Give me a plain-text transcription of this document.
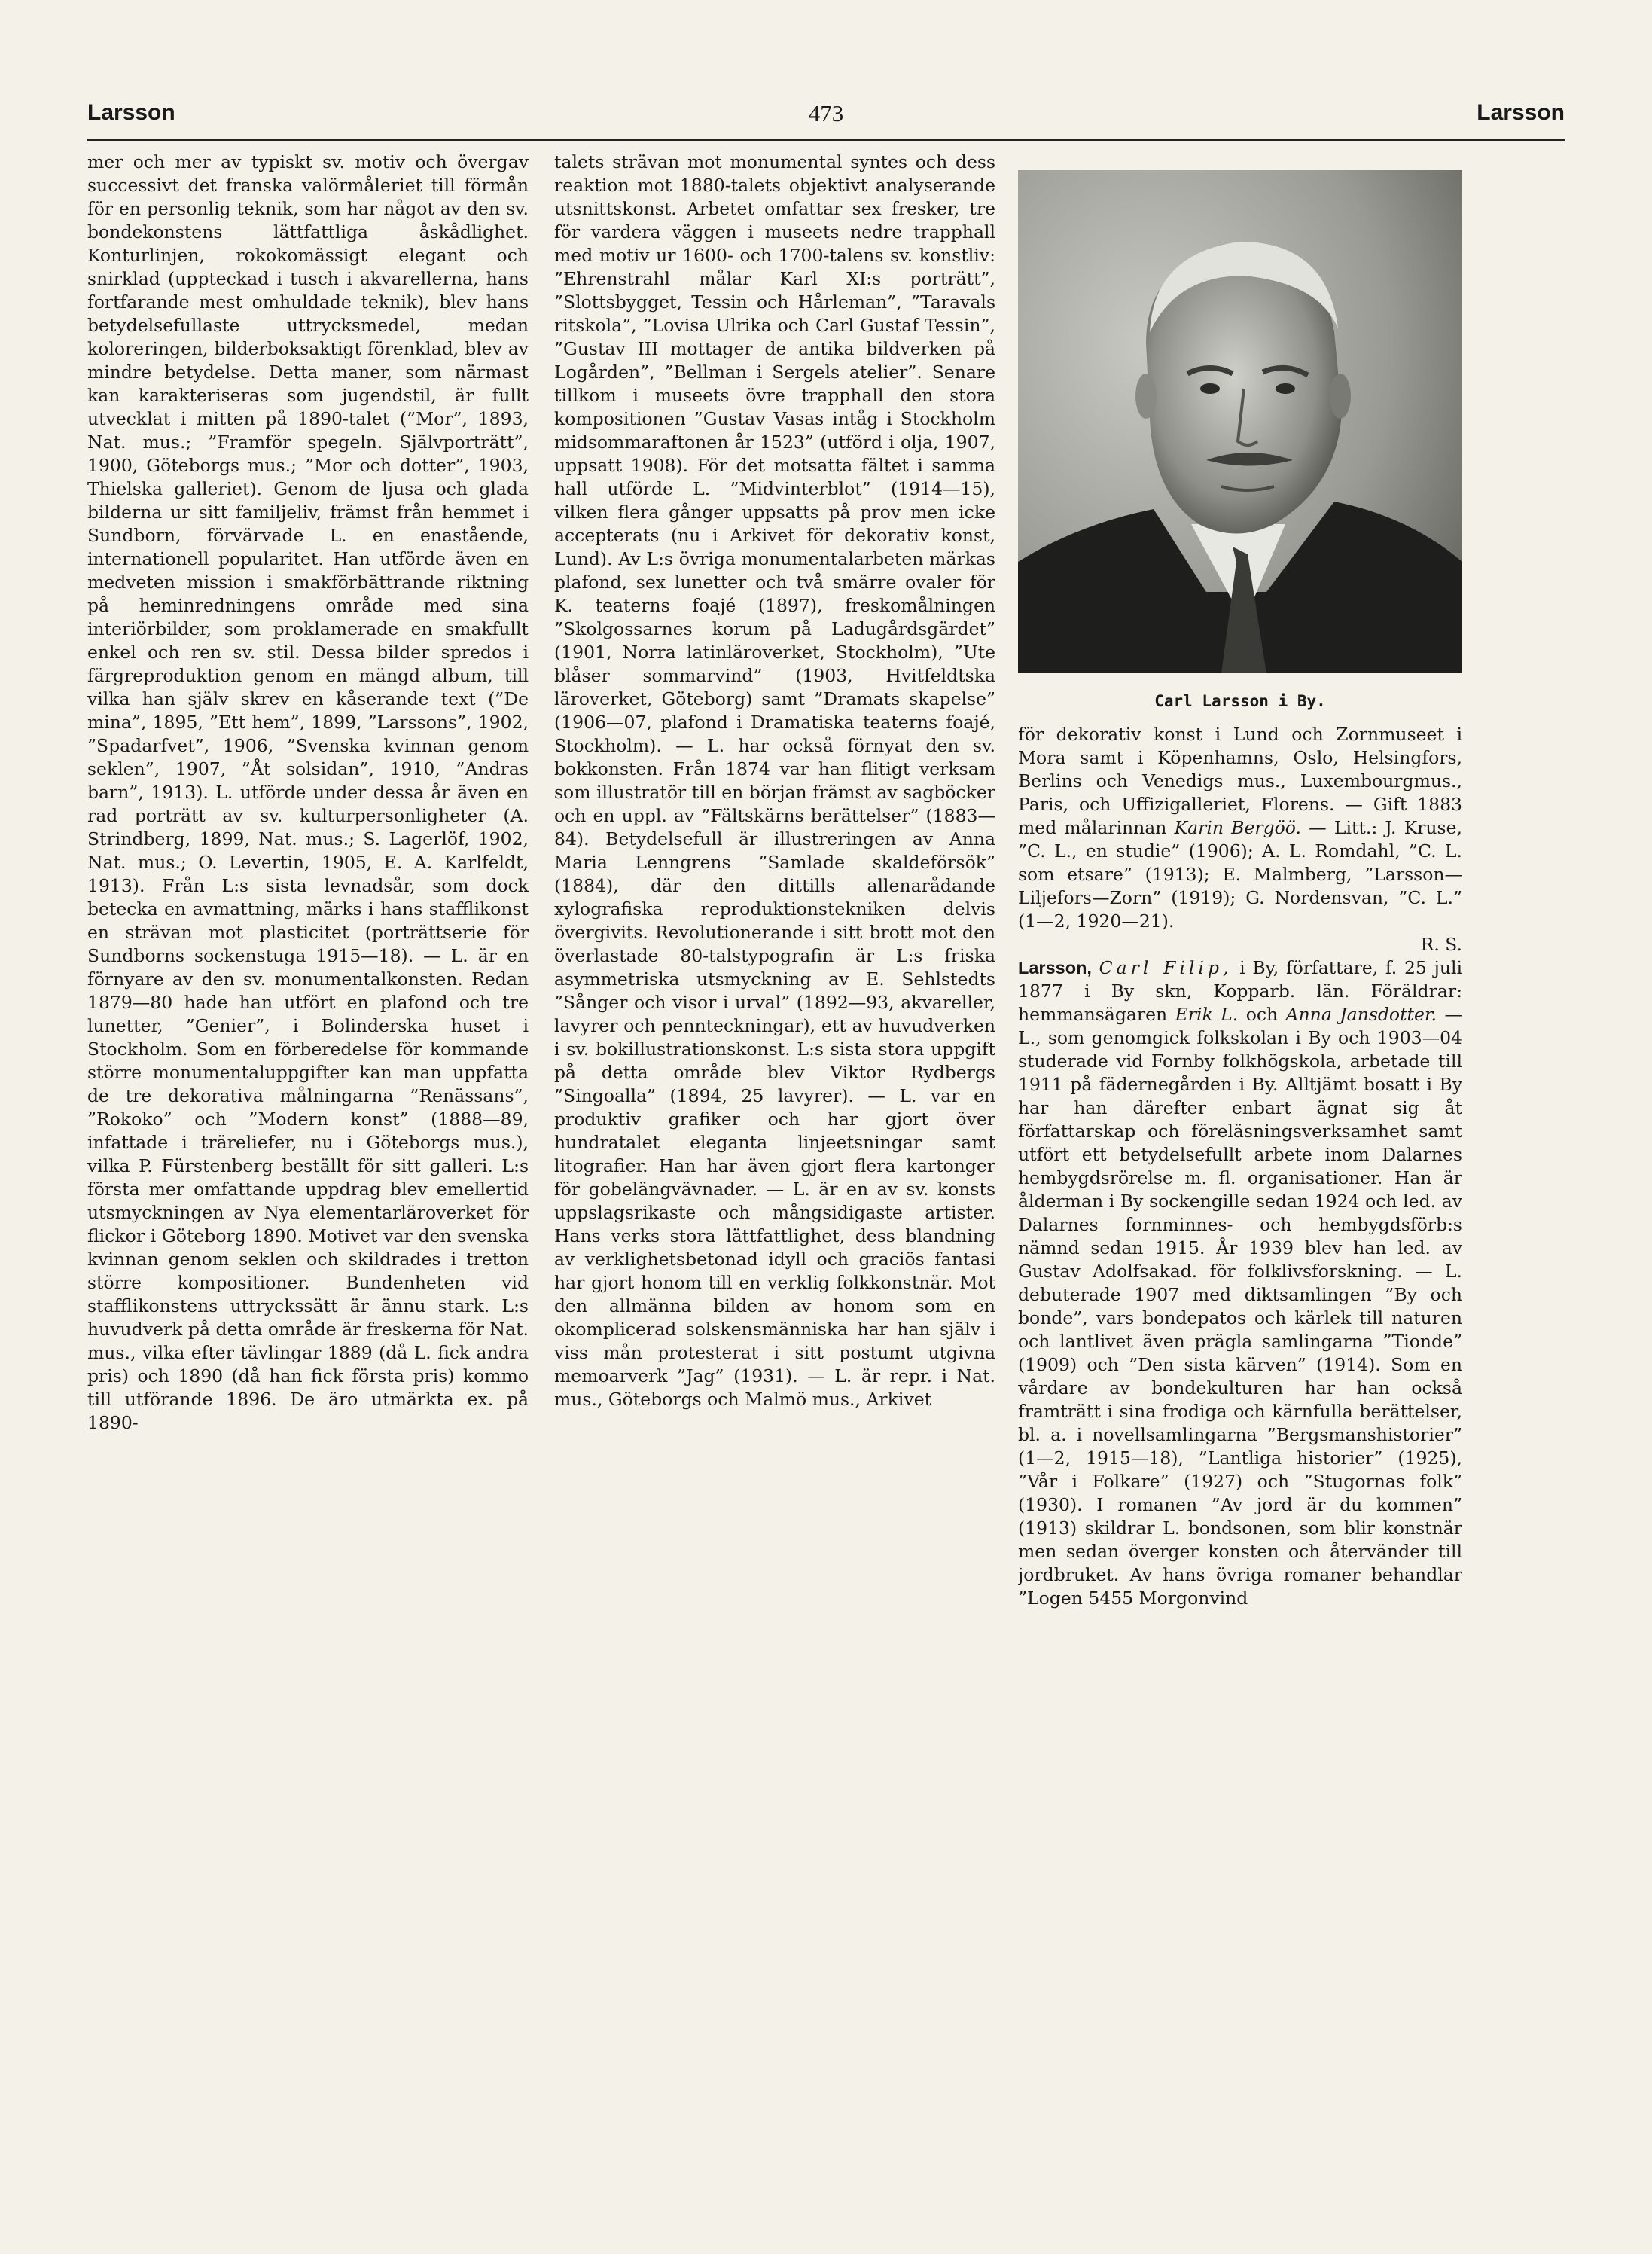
Larsson	473	Larsson

mer och mer av typiskt sv. motiv och övergav successivt det franska valörmåleriet till förmån för en personlig teknik, som har något av den sv. bondekonstens lättfattliga åskådlighet. Konturlinjen, rokokomässigt elegant och snirklad (uppteckad i tusch i akvarellerna, hans fortfarande mest omhuldade teknik), blev hans betydelsefullaste uttrycksmedel, medan koloreringen, bilderboksaktigt förenklad, blev av mindre betydelse. Detta maner, som närmast kan karakteriseras som jugendstil, är fullt utvecklat i mitten på 1890-talet (”Mor”, 1893, Nat. mus.; ”Framför spegeln. Självporträtt”, 1900, Göteborgs mus.; ”Mor och dotter”, 1903, Thielska galleriet). Genom de ljusa och glada bilderna ur sitt familjeliv, främst från hemmet i Sundborn, förvärvade L. en enastående, internationell popularitet. Han utförde även en medveten mission i smakförbättrande riktning på heminredningens område med sina interiörbilder, som proklamerade en smakfullt enkel och ren sv. stil. Dessa bilder spredos i färgreproduktion genom en mängd album, till vilka han själv skrev en kåserande text (”De mina”, 1895, ”Ett hem”, 1899, ”Larssons”, 1902, ”Spadarfvet”, 1906, ”Svenska kvinnan genom seklen”, 1907, ”Åt solsidan”, 1910, ”Andras barn”, 1913). L. utförde under dessa år även en rad porträtt av sv. kulturpersonligheter (A. Strindberg, 1899, Nat. mus.; S. Lagerlöf, 1902, Nat. mus.; O. Levertin, 1905, E. A. Karlfeldt, 1913). Från L:s sista levnadsår, som dock betecka en avmattning, märks i hans stafflikonst en strävan mot plasticitet (porträttserie för Sundborns sockenstuga 1915—18). — L. är en förnyare av den sv. monumentalkonsten. Redan 1879—80 hade han utfört en plafond och tre lunetter, ”Genier”, i Bolinderska huset i Stockholm. Som en förberedelse för kommande större monumentaluppgifter kan man uppfatta de tre dekorativa målningarna ”Renässans”, ”Rokoko” och ”Modern konst” (1888—89, infattade i träreliefer, nu i Göteborgs mus.), vilka P. Fürstenberg beställt för sitt galleri. L:s första mer omfattande uppdrag blev emellertid utsmyckningen av Nya elementarläroverket för flickor i Göteborg 1890. Motivet var den svenska kvinnan genom seklen och skildrades i tretton större kompositioner. Bundenheten vid stafflikonstens uttryckssätt är ännu stark. L:s huvudverk på detta område är freskerna för Nat. mus., vilka efter tävlingar 1889 (då L. fick andra pris) och 1890 (då han fick första pris) kommo till utförande 1896. De äro utmärkta ex. på 1890-

talets strävan mot monumental syntes och dess reaktion mot 1880-talets objektivt analyserande utsnittskonst. Arbetet omfattar sex fresker, tre för vardera väggen i museets nedre trapphall med motiv ur 1600- och 1700-talens sv. konstliv: ”Ehrenstrahl målar Karl XI:s porträtt”, ”Slottsbygget, Tessin och Hårleman”, ”Taravals ritskola”, ”Lovisa Ulrika och Carl Gustaf Tessin”, ”Gustav III mottager de antika bildverken på Logården”, ”Bellman i Sergels atelier”. Senare tillkom i museets övre trapphall den stora kompositionen ”Gustav Vasas intåg i Stockholm midsommaraftonen år 1523” (utförd i olja, 1907, uppsatt 1908). För det motsatta fältet i samma hall utförde L. ”Midvinterblot” (1914—15), vilken flera gånger uppsatts på prov men icke accepterats (nu i Arkivet för dekorativ konst, Lund). Av L:s övriga monumentalarbeten märkas plafond, sex lunetter och två smärre ovaler för K. teaterns foajé (1897), freskomålningen ”Skolgossarnes korum på Ladugårdsgärdet” (1901, Norra latinläroverket, Stockholm), ”Ute blåser sommarvind” (1903, Hvitfeldtska läroverket, Göteborg) samt ”Dramats skapelse” (1906—07, plafond i Dramatiska teaterns foajé, Stockholm). — L. har också förnyat den sv. bokkonsten. Från 1874 var han flitigt verksam som illustratör till en början främst av sagböcker och en uppl. av ”Fältskärns berättelser” (1883—84). Betydelsefull är illustreringen av Anna Maria Lenngrens ”Samlade skaldeförsök” (1884), där den dittills allenarådande xylografiska reproduktionstekniken delvis övergivits. Revolutionerande i sitt brott mot den överlastade 80-talstypografin är L:s friska asymmetriska utsmyckning av E. Sehlstedts ”Sånger och visor i urval” (1892—93, akvareller, lavyrer och pennteckningar), ett av huvudverken i sv. bokillustrationskonst. L:s sista stora uppgift på detta område blev Viktor Rydbergs ”Singoalla” (1894, 25 lavyrer). — L. var en produktiv grafiker och har gjort över hundratalet eleganta linjeetsningar samt litografier. Han har även gjort flera kartonger för gobelängvävnader. — L. är en av sv. konsts uppslagsrikaste och mångsidigaste artister. Hans verks stora lättfattlighet, dess blandning av verklighetsbetonad idyll och graciös fantasi har gjort honom till en verklig folkkonstnär. Mot den allmänna bilden av honom som en okomplicerad solskensmänniska har han själv i viss mån protesterat i sitt postumt utgivna memoarverk ”Jag” (1931). — L. är repr. i Nat. mus., Göteborgs och Malmö mus., Arkivet

Carl Larsson i By.

för dekorativ konst i Lund och Zornmuseet i Mora samt i Köpenhamns, Oslo, Helsingfors, Berlins och Venedigs mus., Luxembourgmus., Paris, och Uffizigalleriet, Florens. — Gift 1883 med målarinnan Karin Bergöö. — Litt.: J. Kruse, ”C. L., en studie” (1906); A. L. Romdahl, ”C. L. som etsare” (1913); E. Malmberg, ”Larsson—Liljefors—Zorn” (1919); G. Nordensvan, ”C. L.” (1—2, 1920—21).

R. S.

Larsson, Carl Filip, i By, författare, f. 25 juli 1877 i By skn, Kopparb. län. Föräldrar: hemmansägaren Erik L. och Anna Jansdotter. — L., som genomgick folkskolan i By och 1903—04 studerade vid Fornby folkhögskola, arbetade till 1911 på fädernegården i By. Alltjämt bosatt i By har han därefter enbart ägnat sig åt författarskap och föreläsningsverksamhet samt utfört ett betydelsefullt arbete inom Dalarnes hembygdsrörelse m. fl. organisationer. Han är ålderman i By sockengille sedan 1924 och led. av Dalarnes fornminnes- och hembygdsförb:s nämnd sedan 1915. År 1939 blev han led. av Gustav Adolfsakad. för folklivsforskning. — L. debuterade 1907 med diktsamlingen ”By och bonde”, vars bondepatos och kärlek till naturen och lantlivet även prägla samlingarna ”Tionde” (1909) och ”Den sista kärven” (1914). Som en vårdare av bondekulturen har han också framträtt i sina frodiga och kärnfulla berättelser, bl. a. i novellsamlingarna ”Bergsmanshistorier” (1—2, 1915—18), ”Lantliga historier” (1925), ”Vår i Folkare” (1927) och ”Stugornas folk” (1930). I romanen ”Av jord är du kommen” (1913) skildrar L. bondsonen, som blir konstnär men sedan överger konsten och återvänder till jordbruket. Av hans övriga romaner behandlar ”Logen 5455 Morgonvind
